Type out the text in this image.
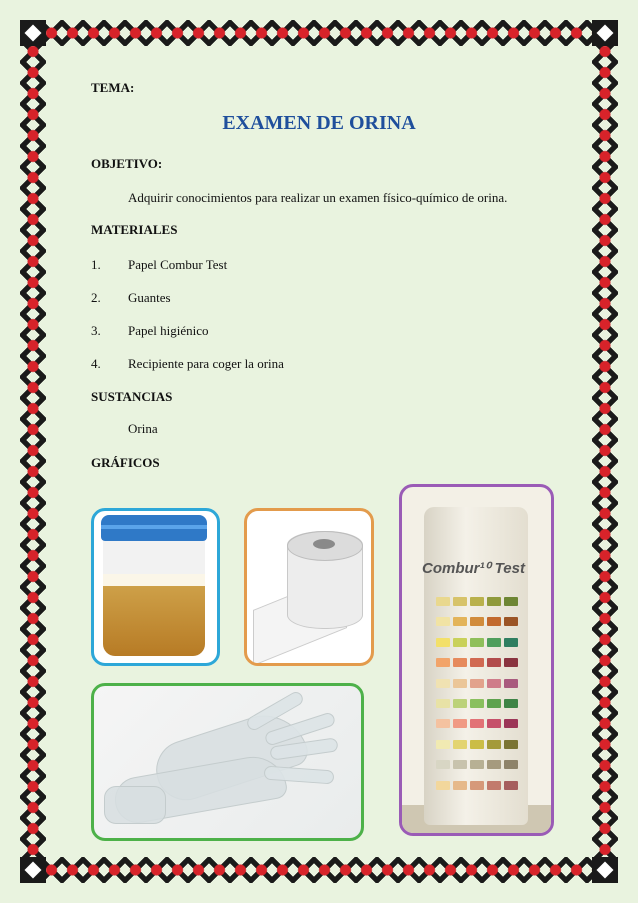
TEMA:
EXAMEN DE ORINA
OBJETIVO:
Adquirir conocimientos para realizar un examen físico-químico de orina.
MATERIALES
1. Papel Combur Test
2. Guantes
3. Papel higiénico
4. Recipiente para coger la orina
SUSTANCIAS
Orina
GRÁFICOS
Combur¹⁰ Test
